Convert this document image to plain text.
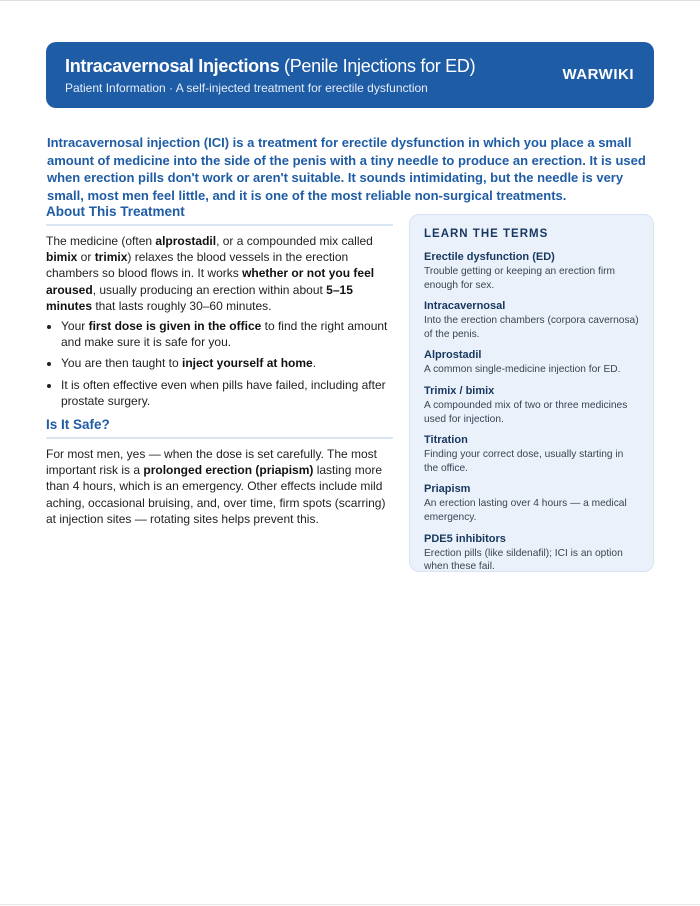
Intracavernosal Injections (Penile Injections for ED)
Patient Information · A self-injected treatment for erectile dysfunction
WARWIKI

Intracavernosal injection (ICI) is a treatment for erectile dysfunction in which you place a small amount of medicine into the side of the penis with a tiny needle to produce an erection. It is used when erection pills don't work or aren't suitable. It sounds intimidating, but the needle is very small, most men feel little, and it is one of the most reliable non-surgical treatments.

About This Treatment

The medicine (often alprostadil, or a compounded mix called bimix or trimix) relaxes the blood vessels in the erection chambers so blood flows in. It works whether or not you feel aroused, usually producing an erection within about 5–15 minutes that lasts roughly 30–60 minutes.

• Your first dose is given in the office to find the right amount and make sure it is safe for you.
• You are then taught to inject yourself at home.
• It is often effective even when pills have failed, including after prostate surgery.
Is It Safe?

For most men, yes — when the dose is set carefully. The most important risk is a prolonged erection (priapism) lasting more than 4 hours, which is an emergency. Other effects include mild aching, occasional bruising, and, over time, firm spots (scarring) at injection sites — rotating sites helps prevent this.

LEARN THE TERMS
Erectile dysfunction (ED)
Trouble getting or keeping an erection firm enough for sex.
Intracavernosal
Into the erection chambers (corpora cavernosa) of the penis.
Alprostadil
A common single-medicine injection for ED.
Trimix / bimix
A compounded mix of two or three medicines used for injection.
Titration
Finding your correct dose, usually starting in the office.
Priapism
An erection lasting over 4 hours — a medical emergency.
PDE5 inhibitors
Erection pills (like sildenafil); ICI is an option when these fail.
